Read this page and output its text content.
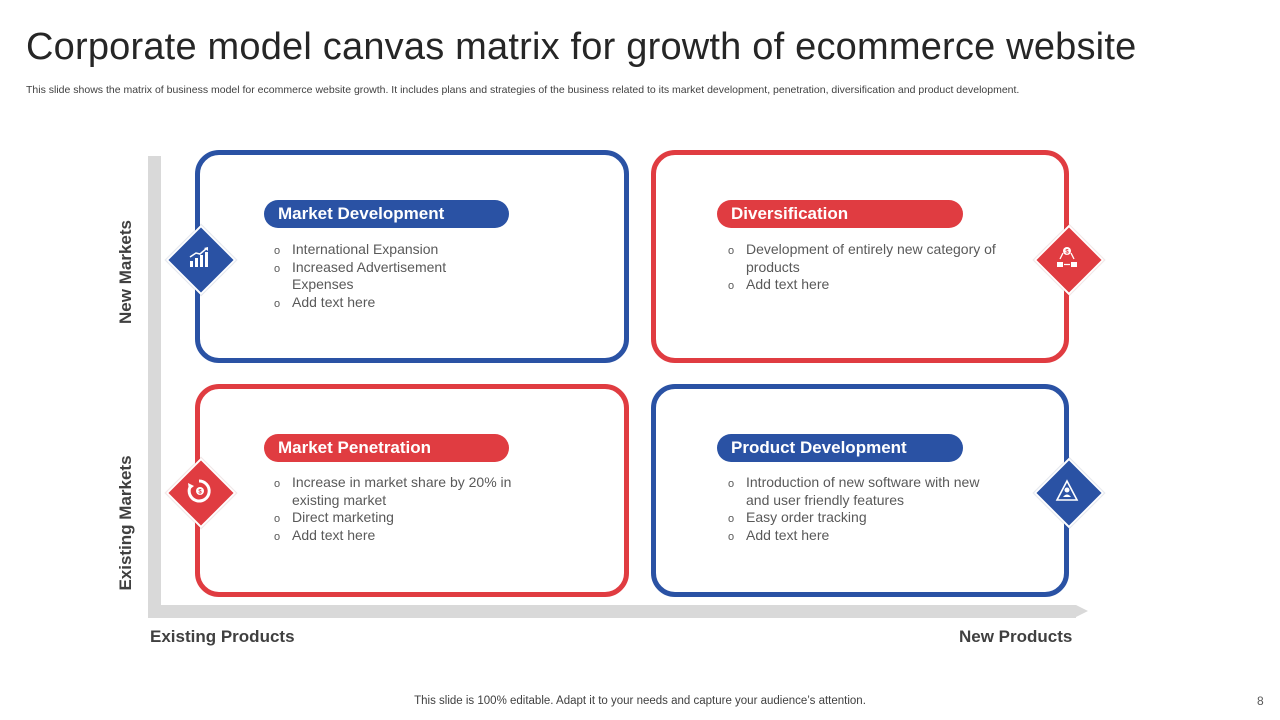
Corporate model canvas matrix for growth of ecommerce website
This slide shows the matrix of business model for ecommerce website growth. It includes plans and strategies of the business related to its market development, penetration, diversification and product development.
New Markets
Existing Markets
Existing Products	New Products
Market Development
o International Expansion
o Increased Advertisement Expenses
o Add text here
Diversification
o Development of entirely new category of products
o Add text here
$
Market Penetration
o Increase in market share by 20% in existing market
o Direct marketing
o Add text here
$
Product Development
o Introduction of new software with new and user friendly features
o Easy order tracking
o Add text here
This slide is 100% editable. Adapt it to your needs and capture your audience’s attention.	8
